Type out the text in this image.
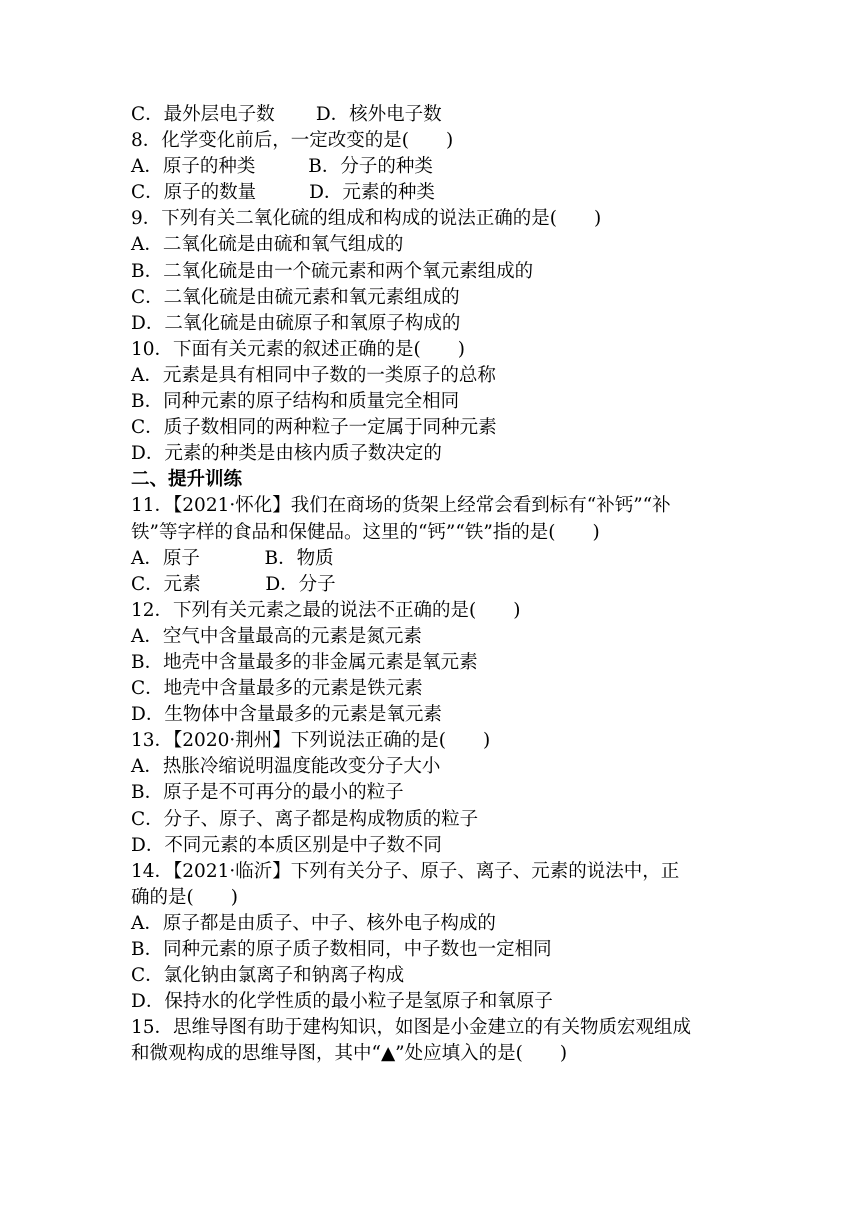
C．最外层电子数       D．核外电子数
8．化学变化前后，一定改变的是(　　)
A．原子的种类         B．分子的种类
C．原子的数量         D．元素的种类
9．下列有关二氧化硫的组成和构成的说法正确的是(　　)
A．二氧化硫是由硫和氧气组成的
B．二氧化硫是由一个硫元素和两个氧元素组成的
C．二氧化硫是由硫元素和氧元素组成的
D．二氧化硫是由硫原子和氧原子构成的
10．下面有关元素的叙述正确的是(　　)
A．元素是具有相同中子数的一类原子的总称
B．同种元素的原子结构和质量完全相同
C．质子数相同的两种粒子一定属于同种元素
D．元素的种类是由核内质子数决定的
二、提升训练
11．【2021·怀化】我们在商场的货架上经常会看到标有“补钙”“补
铁”等字样的食品和保健品。这里的“钙”“铁”指的是(　　)
A．原子           B．物质
C．元素           D．分子
12．下列有关元素之最的说法不正确的是(　　)
A．空气中含量最高的元素是氮元素
B．地壳中含量最多的非金属元素是氧元素
C．地壳中含量最多的元素是铁元素
D．生物体中含量最多的元素是氧元素
13．【2020·荆州】下列说法正确的是(　　)
A．热胀冷缩说明温度能改变分子大小
B．原子是不可再分的最小的粒子
C．分子、原子、离子都是构成物质的粒子
D．不同元素的本质区别是中子数不同
14．【2021·临沂】下列有关分子、原子、离子、元素的说法中，正
确的是(　　)
A．原子都是由质子、中子、核外电子构成的
B．同种元素的原子质子数相同，中子数也一定相同
C．氯化钠由氯离子和钠离子构成
D．保持水的化学性质的最小粒子是氢原子和氧原子
15．思维导图有助于建构知识，如图是小金建立的有关物质宏观组成
和微观构成的思维导图，其中“▲”处应填入的是(　　)
